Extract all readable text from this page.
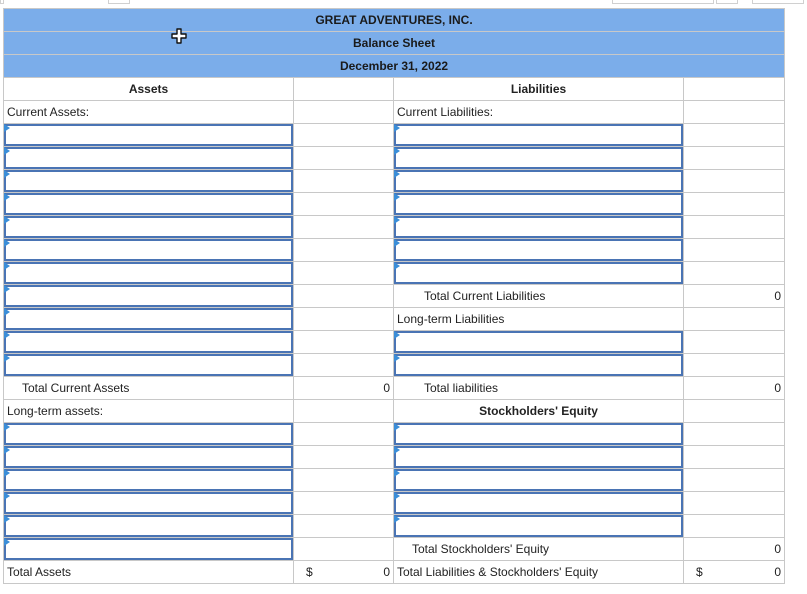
GREAT ADVENTURES, INC.			
Balance Sheet			
December 31, 2022			
Assets		Liabilities	
Current Assets:		Current Liabilities:	

		Total Current Liabilities	0

		Long-term Liabilities	

Total Current Assets	0	Total liabilities	0
Long-term assets:		Stockholders' Equity	

		Total Stockholders' Equity	0
Total Assets	$ 0	Total Liabilities & Stockholders' Equity	$ 0
